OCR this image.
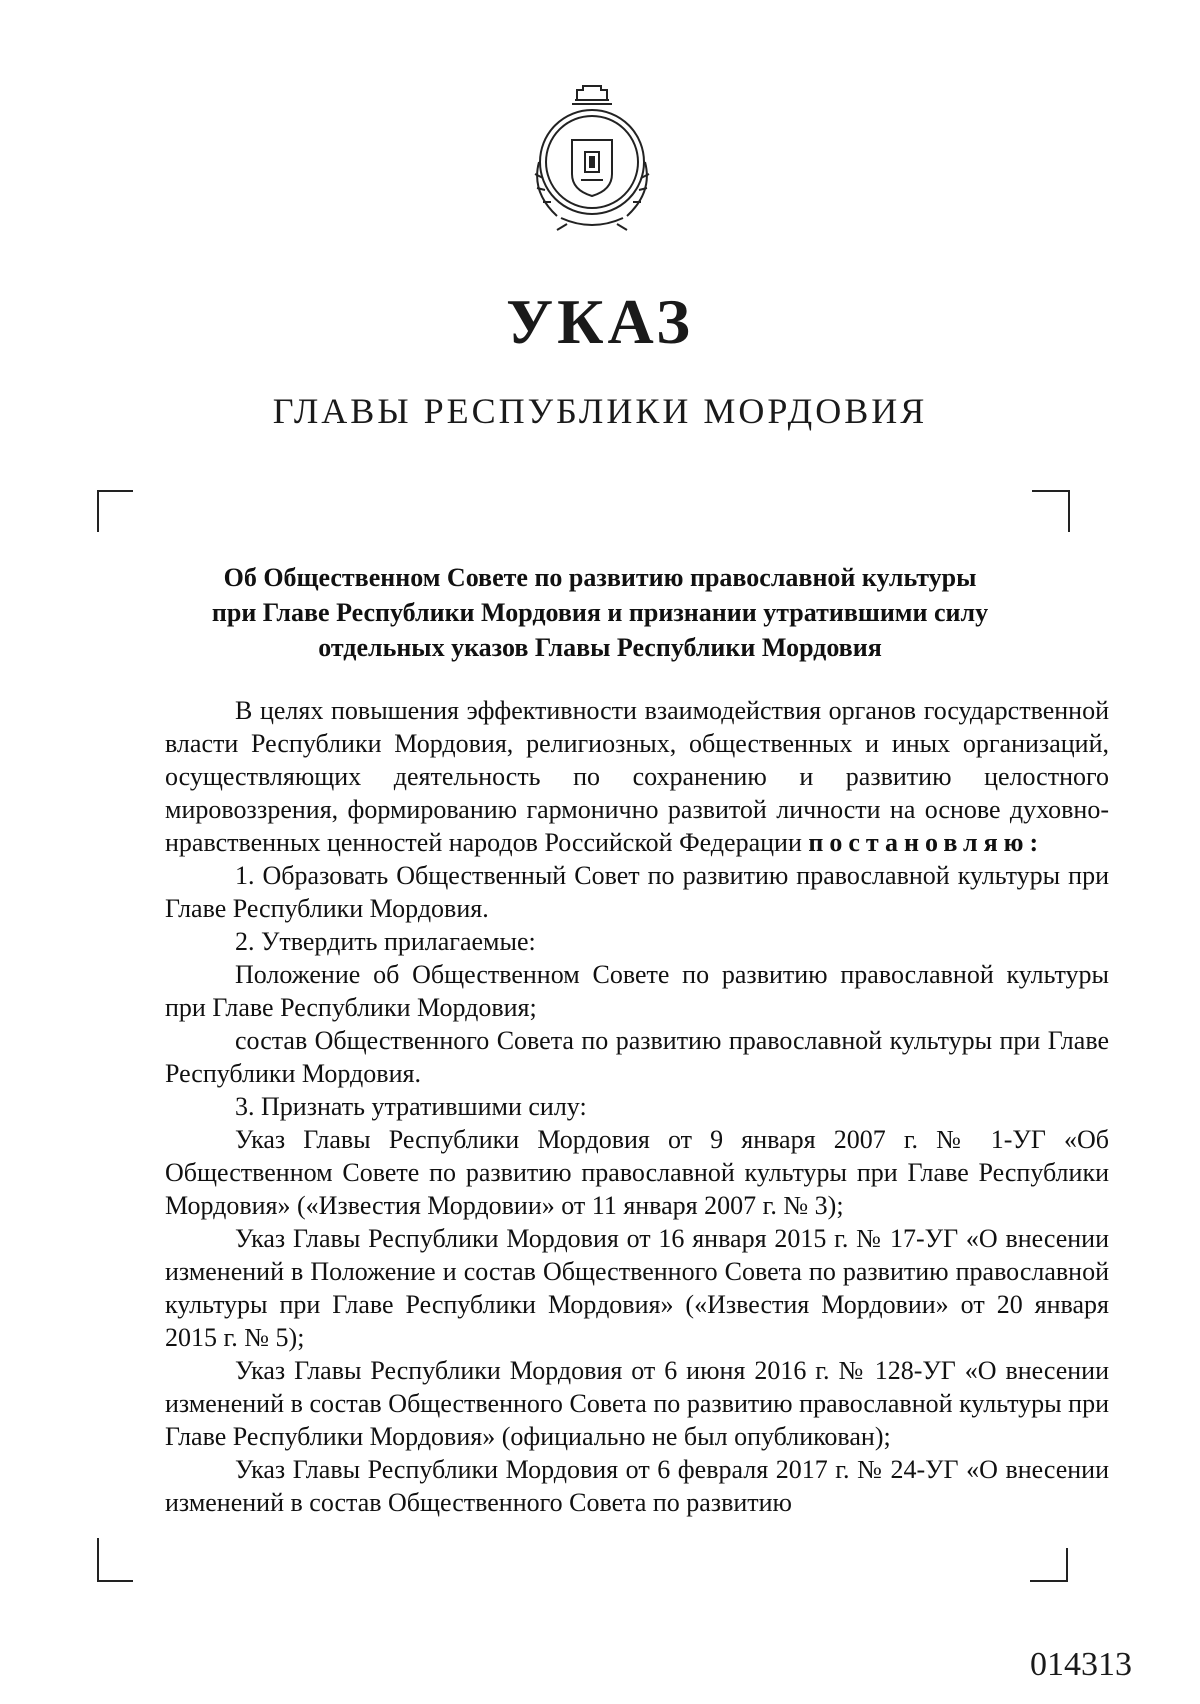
УКАЗ
ГЛАВЫ РЕСПУБЛИКИ МОРДОВИЯ
Об Общественном Совете по развитию православной культуры
при Главе Республики Мордовия и признании утратившими силу
отдельных указов Главы Республики Мордовия

В целях повышения эффективности взаимодействия органов государственной власти Республики Мордовия, религиозных, общественных и иных организаций, осуществляющих деятельность по сохранению и развитию целостного мировоззрения, формированию гармонично развитой личности на основе духовно-нравственных ценностей народов Российской Федерации постановляю:

1. Образовать Общественный Совет по развитию православной культуры при Главе Республики Мордовия.

2. Утвердить прилагаемые:

Положение об Общественном Совете по развитию православной культуры при Главе Республики Мордовия;

состав Общественного Совета по развитию православной культуры при Главе Республики Мордовия.

3. Признать утратившими силу:

Указ Главы Республики Мордовия от 9 января 2007 г. № 1-УГ «Об Общественном Совете по развитию православной культуры при Главе Республики Мордовия» («Известия Мордовии» от 11 января 2007 г. № 3);

Указ Главы Республики Мордовия от 16 января 2015 г. № 17-УГ «О внесении изменений в Положение и состав Общественного Совета по развитию православной культуры при Главе Республики Мордовия» («Известия Мордовии» от 20 января 2015 г. № 5);

Указ Главы Республики Мордовия от 6 июня 2016 г. № 128-УГ «О внесении изменений в состав Общественного Совета по развитию православной культуры при Главе Республики Мордовия» (официально не был опубликован);

Указ Главы Республики Мордовия от 6 февраля 2017 г. № 24-УГ «О внесении изменений в состав Общественного Совета по развитию

014313
